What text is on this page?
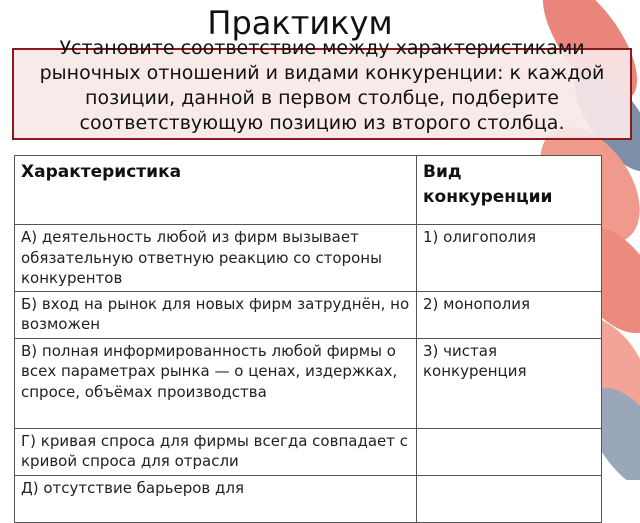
Практикум
Установите соответствие между характеристиками рыночных отношений и видами конкуренции: к каждой позиции, данной в первом столбце, подберите соответствующую позицию из второго столбца.
Характеристика	Вид конкуренции
А) деятельность любой из фирм вызывает обязательную ответную реакцию со стороны конкурентов	1) олигополия
Б) вход на рынок для новых фирм затруднён, но возможен	2) монополия
В) полная информированность любой фирмы о всех параметрах рынка — о ценах, издержках, спросе, объёмах производства	3) чистая конкуренция
Г) кривая спроса для фирмы всегда совпадает с кривой спроса для отрасли	
Д) отсутствие барьеров для	
